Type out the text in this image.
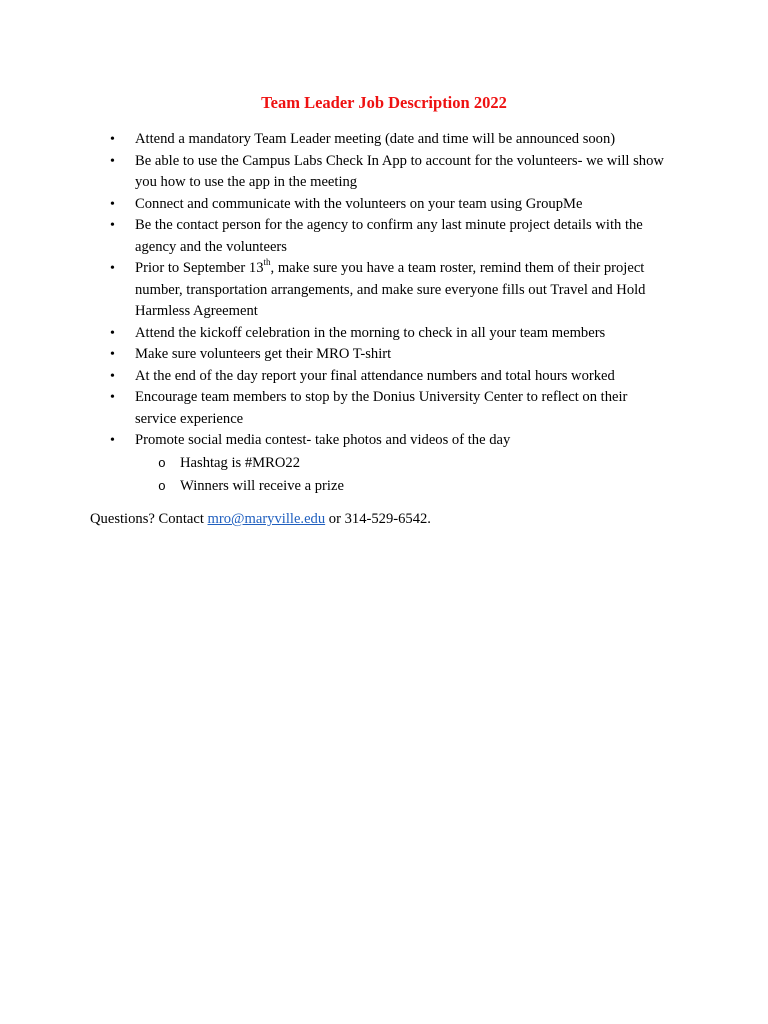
Team Leader Job Description 2022
•	Attend a mandatory Team Leader meeting (date and time will be announced soon)
•	Be able to use the Campus Labs Check In App to account for the volunteers- we will show you how to use the app in the meeting
•	Connect and communicate with the volunteers on your team using GroupMe
•	Be the contact person for the agency to confirm any last minute project details with the agency and the volunteers
•	Prior to September 13th, make sure you have a team roster, remind them of their project number, transportation arrangements, and make sure everyone fills out Travel and Hold Harmless Agreement
•	Attend the kickoff celebration in the morning to check in all your team members
•	Make sure volunteers get their MRO T-shirt
•	At the end of the day report your final attendance numbers and total hours worked
•	Encourage team members to stop by the Donius University Center to reflect on their service experience
•	Promote social media contest- take photos and videos of the day
o Hashtag is #MRO22
o Winners will receive a prize
Questions? Contact mro@maryville.edu or 314-529-6542.
